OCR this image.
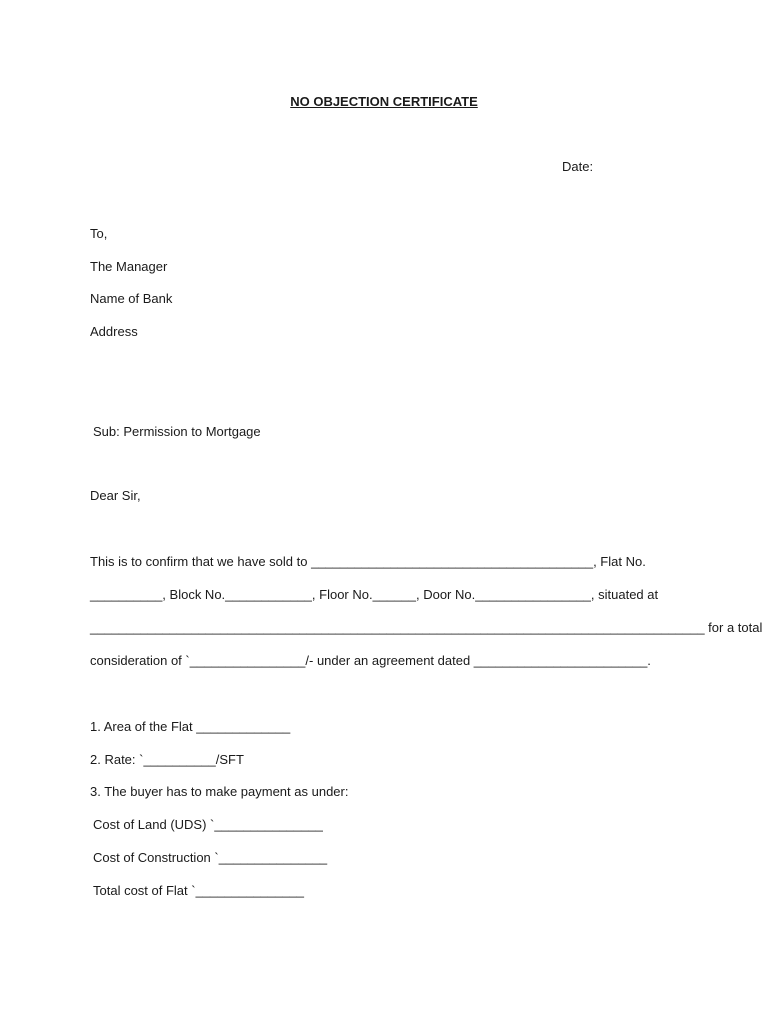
NO OBJECTION CERTIFICATE
Date:
To,
The Manager
Name of Bank
Address
Sub: Permission to Mortgage
Dear Sir,
This is to confirm that we have sold to _______________________________________, Flat No.
__________, Block No.____________, Floor No.______, Door No.________________, situated at
_____________________________________________________________________________________ for a total
consideration of `________________/- under an agreement dated ________________________.
1. Area of the Flat _____________
2. Rate: `__________/SFT
3. The buyer has to make payment as under:
Cost of Land (UDS) `_______________
Cost of Construction `_______________
Total cost of Flat `_______________
